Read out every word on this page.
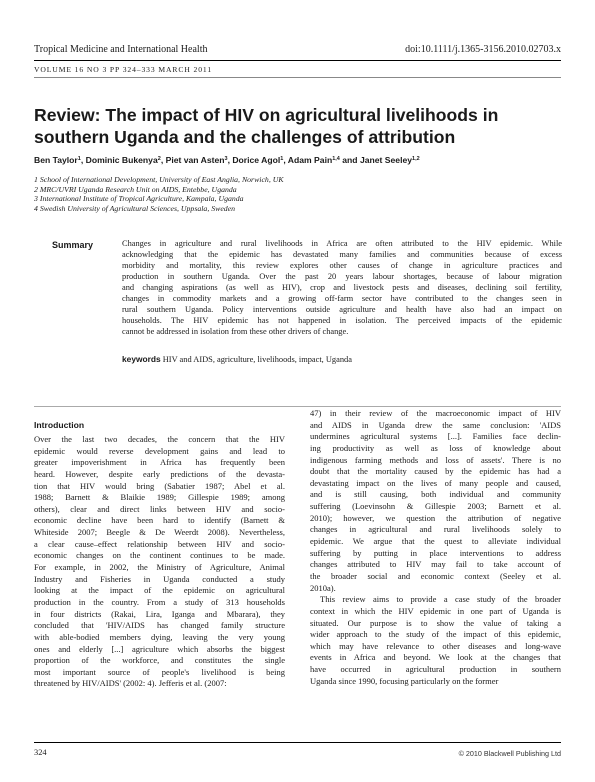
Tropical Medicine and International Health	doi:10.1111/j.1365-3156.2010.02703.x
VOLUME 16 NO 3 PP 324–333 MARCH 2011
Review: The impact of HIV on agricultural livelihoods in
southern Uganda and the challenges of attribution
Ben Taylor$^1$, Dominic Bukenya$^2$, Piet van Asten$^3$, Dorice Agol$^1$, Adam Pain$^{1,4}$ and Janet Seeley$^{1,2}$
1 School of International Development, University of East Anglia, Norwich, UK
2 MRC/UVRI Uganda Research Unit on AIDS, Entebbe, Uganda
3 International Institute of Tropical Agriculture, Kampala, Uganda
4 Swedish University of Agricultural Sciences, Uppsala, Sweden
Summary	Changes in agriculture and rural livelihoods in Africa are often attributed to the HIV epidemic. While
acknowledging that the epidemic has devastated many families and communities because of excess
morbidity and mortality, this review explores other causes of change in agriculture practices and
production in southern Uganda. Over the past 20 years labour shortages, because of labour migration
and changing aspirations (as well as HIV), crop and livestock pests and diseases, declining soil fertility,
changes in commodity markets and a growing off-farm sector have contributed to the changes seen in
rural southern Uganda. Policy interventions outside agriculture and health have also had an impact on
households. The HIV epidemic has not happened in isolation. The perceived impacts of the epidemic
cannot be addressed in isolation from these other drivers of change.
keywords HIV and AIDS, agriculture, livelihoods, impact, Uganda
Introduction
Over the last two decades, the concern that the HIV
epidemic would reverse development gains and lead to
greater impoverishment in Africa has frequently been
heard. However, despite early predictions of the devasta-
tion that HIV would bring (Sabatier 1987; Abel et al.
1988; Barnett & Blaikie 1989; Gillespie 1989; among
others), clear and direct links between HIV and socio-
economic decline have been hard to identify (Barnett &
Whiteside 2007; Beegle & De Weerdt 2008). Nevertheless,
a clear cause–effect relationship between HIV and socio-
economic changes on the continent continues to be made.
For example, in 2002, the Ministry of Agriculture, Animal
Industry and Fisheries in Uganda conducted a study
looking at the impact of the epidemic on agricultural
production in the country. From a study of 313 households
in four districts (Rakai, Lira, Iganga and Mbarara), they
concluded that 'HIV/AIDS has changed family structure
with able-bodied members dying, leaving the very young
ones and elderly [...] agriculture which absorbs the biggest
proportion of the workforce, and constitutes the single
most important source of people's livelihood is being
threatened by HIV/AIDS' (2002: 4). Jefferis et al. (2007:
47) in their review of the macroeconomic impact of HIV
and AIDS in Uganda drew the same conclusion: 'AIDS
undermines agricultural systems [...]. Families face declin-
ing productivity as well as loss of knowledge about
indigenous farming methods and loss of assets'. There is no
doubt that the mortality caused by the epidemic has had a
devastating impact on the lives of many people and caused,
and is still causing, both individual and community
suffering (Loevinsohn & Gillespie 2003; Barnett et al.
2010); however, we question the attribution of negative
changes in agricultural and rural livelihoods solely to
epidemic. We argue that the quest to alleviate individual
suffering by putting in place interventions to address
changes attributed to HIV may fail to take account of
the broader social and economic context (Seeley et al.
2010a).
This review aims to provide a case study of the broader
context in which the HIV epidemic in one part of Uganda is
situated. Our purpose is to show the value of taking a
wider approach to the study of the impact of this epidemic,
which may have relevance to other diseases and long-wave
events in Africa and beyond. We look at the changes that
have occurred in agricultural production in southern
Uganda since 1990, focusing particularly on the former
324	© 2010 Blackwell Publishing Ltd
